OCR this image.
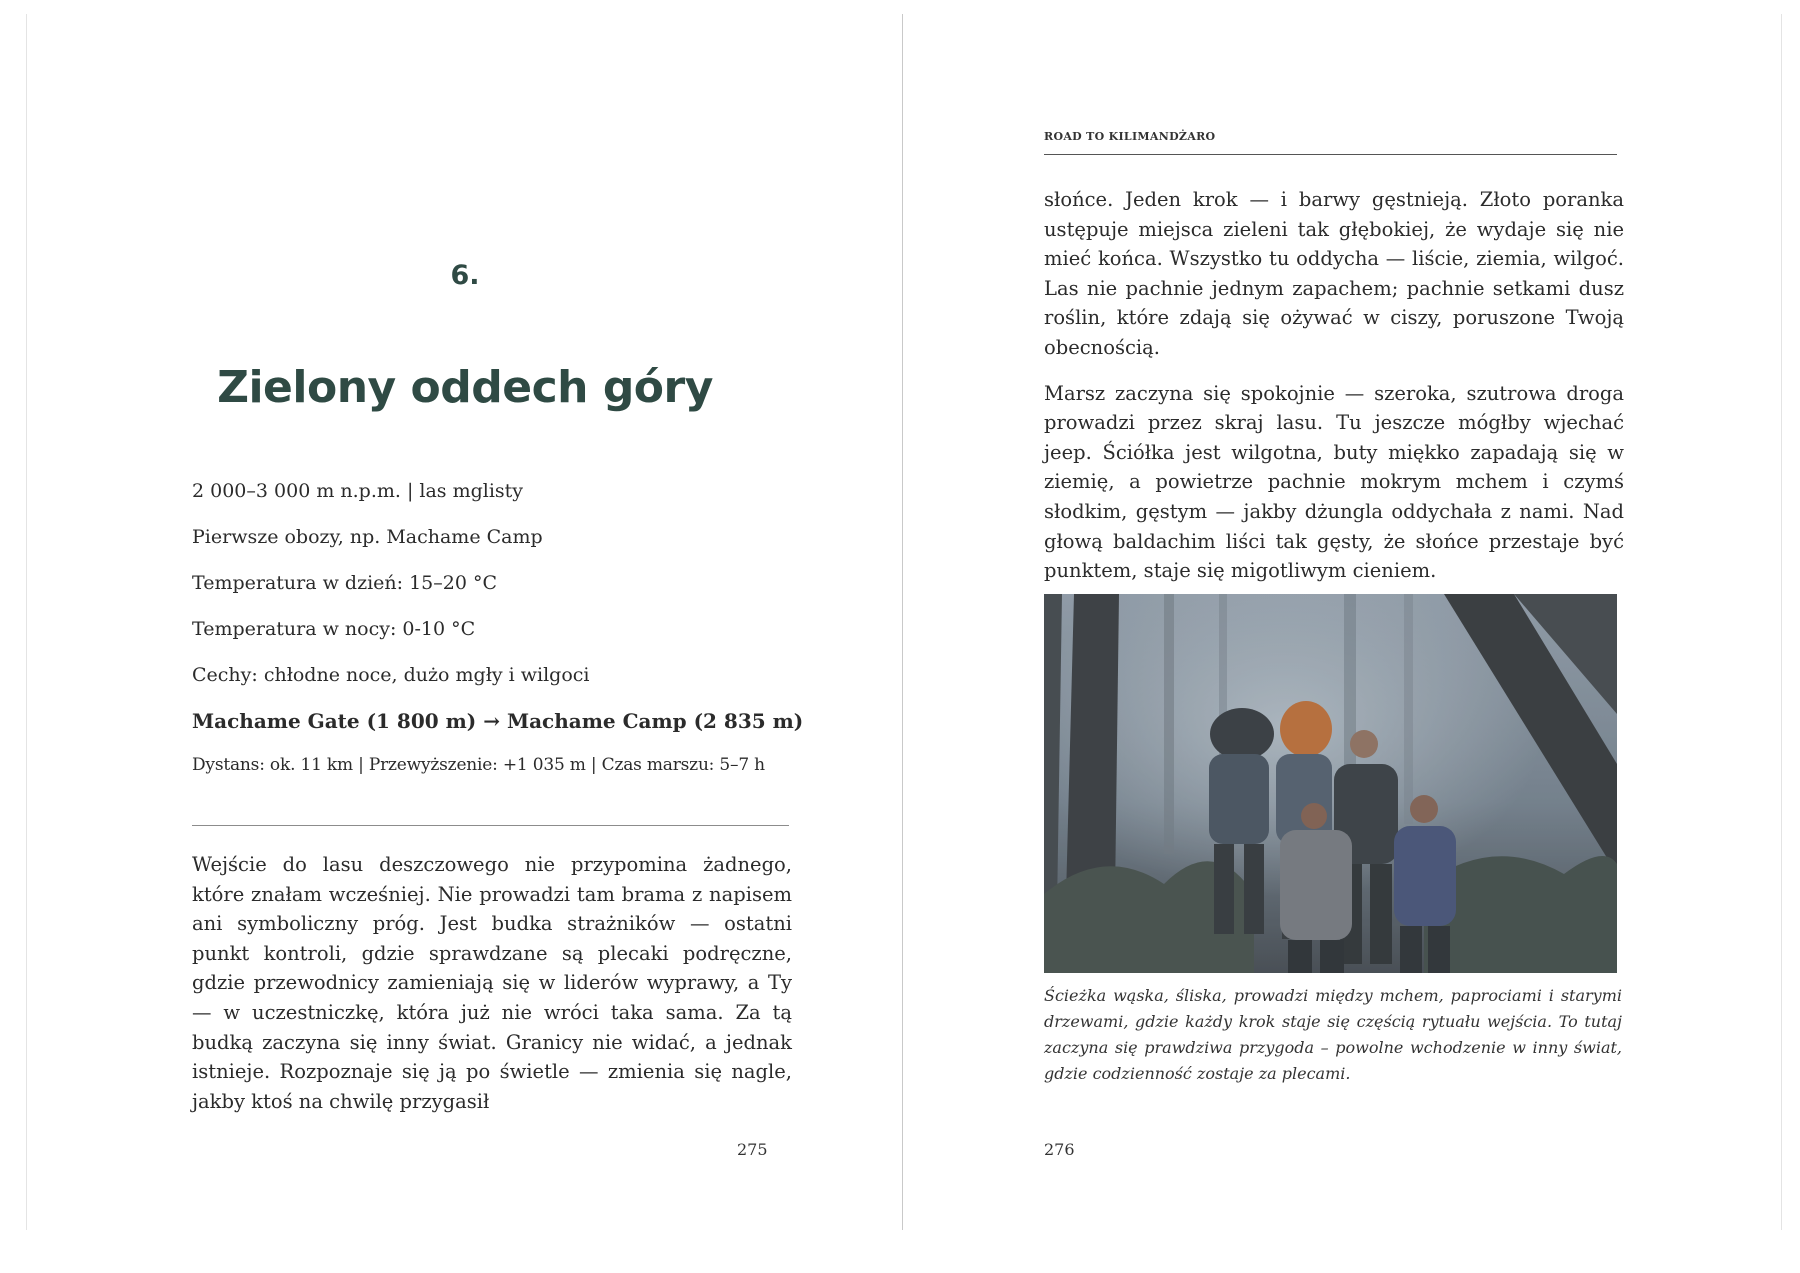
6.
Zielony oddech góry
2 000–3 000 m n.p.m. | las mglisty
Pierwsze obozy, np. Machame Camp
Temperatura w dzień: 15–20 °C
Temperatura w nocy: 0-10 °C
Cechy: chłodne noce, dużo mgły i wilgoci
Machame Gate (1 800 m) → Machame Camp (2 835 m)
Dystans: ok. 11 km | Przewyższenie: +1 035 m | Czas marszu: 5–7 h
Wejście do lasu deszczowego nie przypomina żadnego, które znałam wcześniej. Nie prowadzi tam brama z napisem ani symboliczny próg. Jest budka strażników — ostatni punkt kontroli, gdzie sprawdzane są plecaki podręczne, gdzie przewodnicy zamieniają się w liderów wyprawy, a Ty — w uczestniczkę, która już nie wróci taka sama. Za tą budką zaczyna się inny świat. Granicy nie widać, a jednak istnieje. Rozpoznaje się ją po świetle — zmienia się nagle, jakby ktoś na chwilę przygasił
275
ROAD TO KILIMANDŻARO

słońce. Jeden krok — i barwy gęstnieją. Złoto poranka ustępuje miejsca zieleni tak głębokiej, że wydaje się nie mieć końca. Wszystko tu oddycha — liście, ziemia, wilgoć. Las nie pachnie jednym zapachem; pachnie setkami dusz roślin, które zdają się ożywać w ciszy, poruszone Twoją obecnością.

Marsz zaczyna się spokojnie — szeroka, szutrowa droga prowadzi przez skraj lasu. Tu jeszcze mógłby wjechać jeep. Ściółka jest wilgotna, buty miękko zapadają się w ziemię, a powietrze pachnie mokrym mchem i czymś słodkim, gęstym — jakby dżungla oddychała z nami. Nad głową baldachim liści tak gęsty, że słońce przestaje być punktem, staje się migotliwym cieniem.

Ścieżka wąska, śliska, prowadzi między mchem, paprociami i starymi drzewami, gdzie każdy krok staje się częścią rytuału wejścia. To tutaj zaczyna się prawdziwa przygoda – powolne wchodzenie w inny świat, gdzie codzienność zostaje za plecami.
276
